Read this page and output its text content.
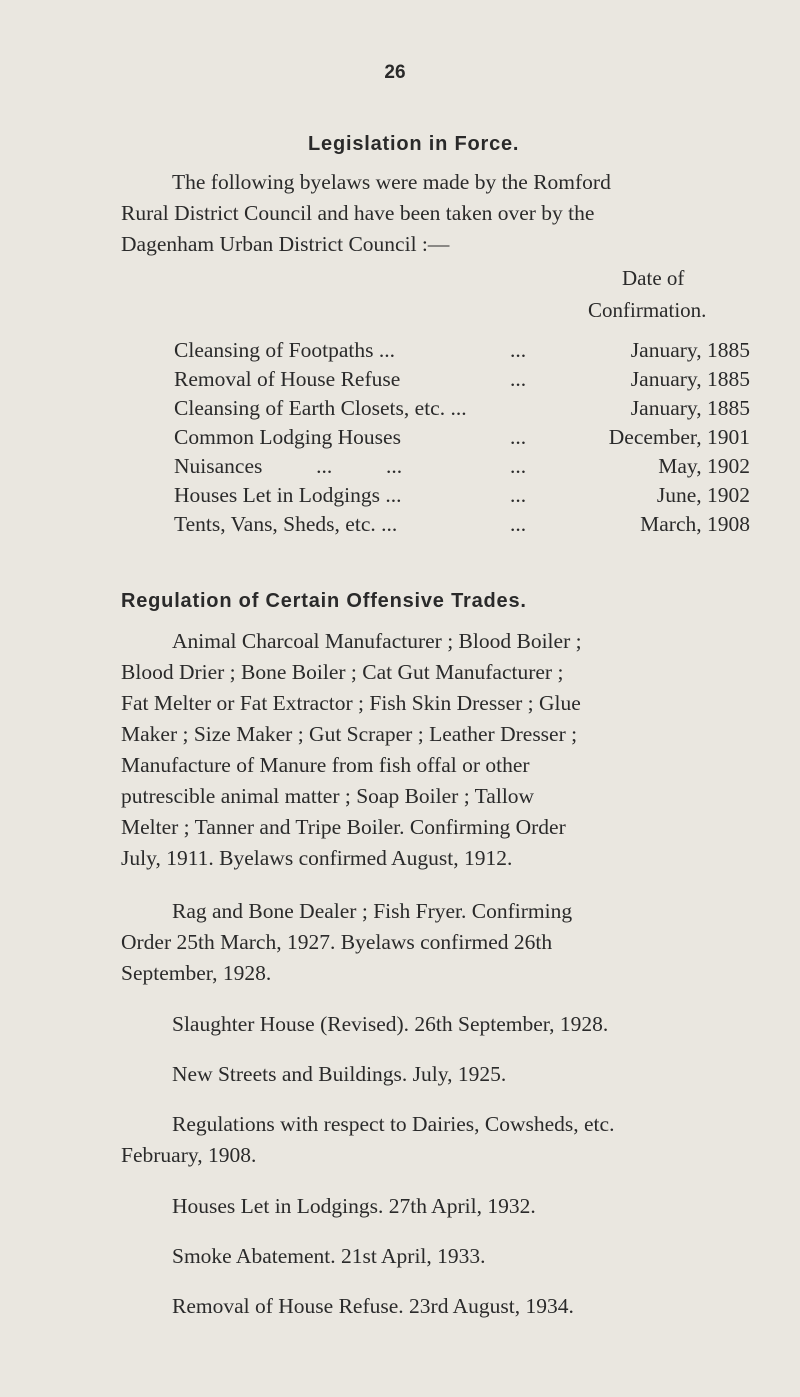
26
Legislation in Force.
The following byelaws were made by the Romford
Rural District Council and have been taken over by the
Dagenham Urban District Council :—
Date of
Confirmation.
Cleansing of Footpaths ...	...	January, 1885
Removal of House Refuse	...	January, 1885
Cleansing of Earth Closets, etc. ...	January, 1885
Common Lodging Houses	...	December, 1901
Nuisances          ...          ...	...	May, 1902
Houses Let in Lodgings ...	...	June, 1902
Tents, Vans, Sheds, etc. ...	...	March, 1908
Regulation of Certain Offensive Trades.
Animal Charcoal Manufacturer ; Blood Boiler ;
Blood Drier ; Bone Boiler ; Cat Gut Manufacturer ;
Fat Melter or Fat Extractor ; Fish Skin Dresser ; Glue
Maker ; Size Maker ; Gut Scraper ; Leather Dresser ;
Manufacture of Manure from fish offal or other
putrescible animal matter ; Soap Boiler ; Tallow
Melter ; Tanner and Tripe Boiler. Confirming Order
July, 1911. Byelaws confirmed August, 1912.
Rag and Bone Dealer ; Fish Fryer. Confirming
Order 25th March, 1927. Byelaws confirmed 26th
September, 1928.
Slaughter House (Revised). 26th September, 1928.
New Streets and Buildings. July, 1925.
Regulations with respect to Dairies, Cowsheds, etc.
February, 1908.
Houses Let in Lodgings. 27th April, 1932.
Smoke Abatement. 21st April, 1933.
Removal of House Refuse. 23rd August, 1934.
